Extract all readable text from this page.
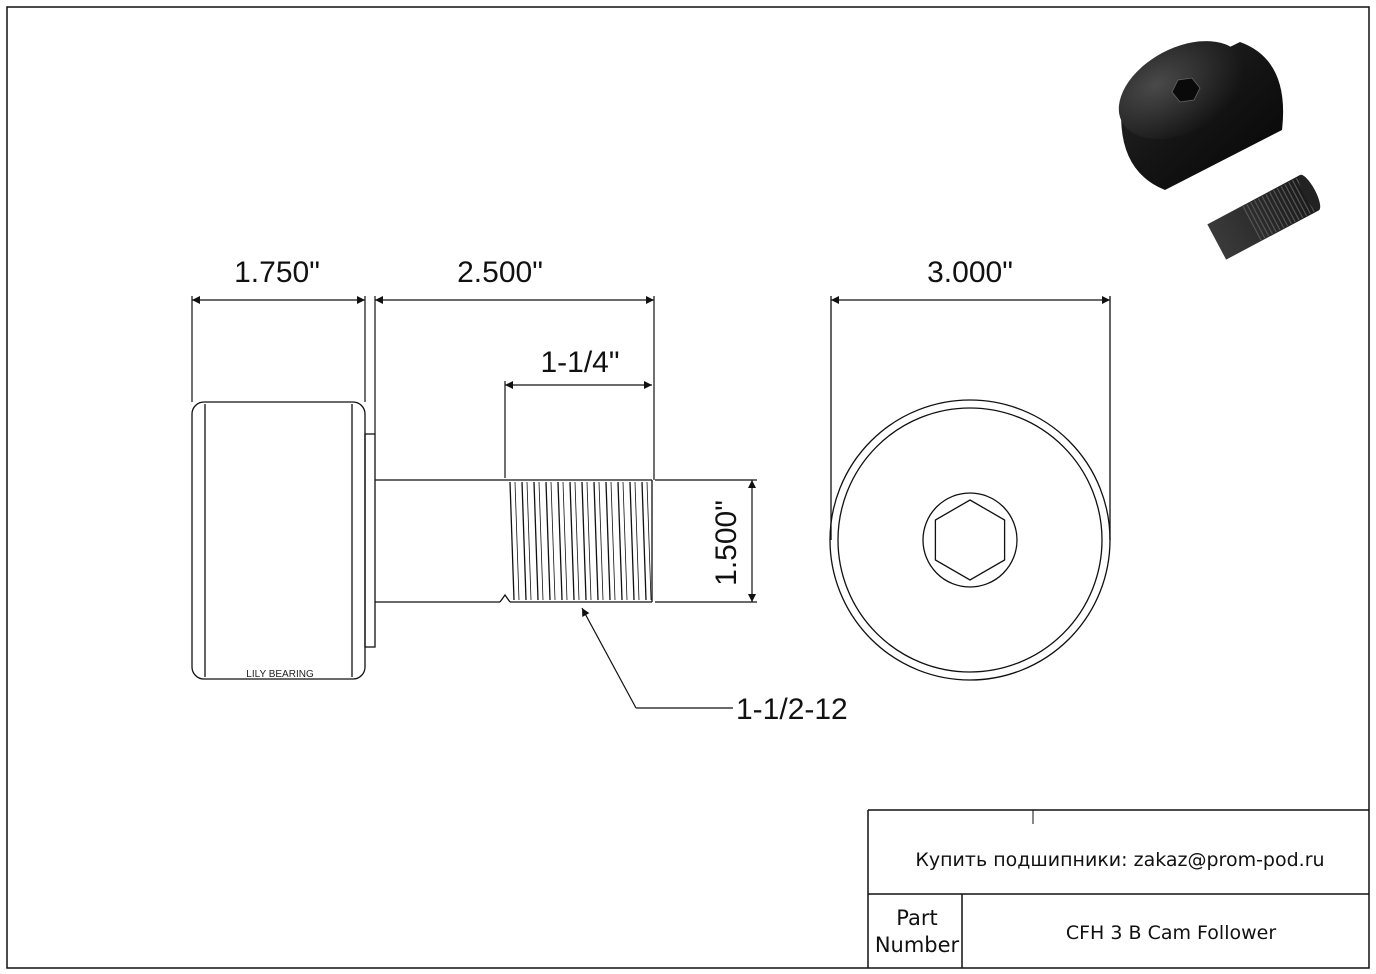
LILY BEARING
1.750"	2.500"
1-1/4"
1.500"
1-1/2-12
3.000"
Купить подшипники: zakaz@prom-pod.ru
Part
Number	CFH 3 B Cam Follower
